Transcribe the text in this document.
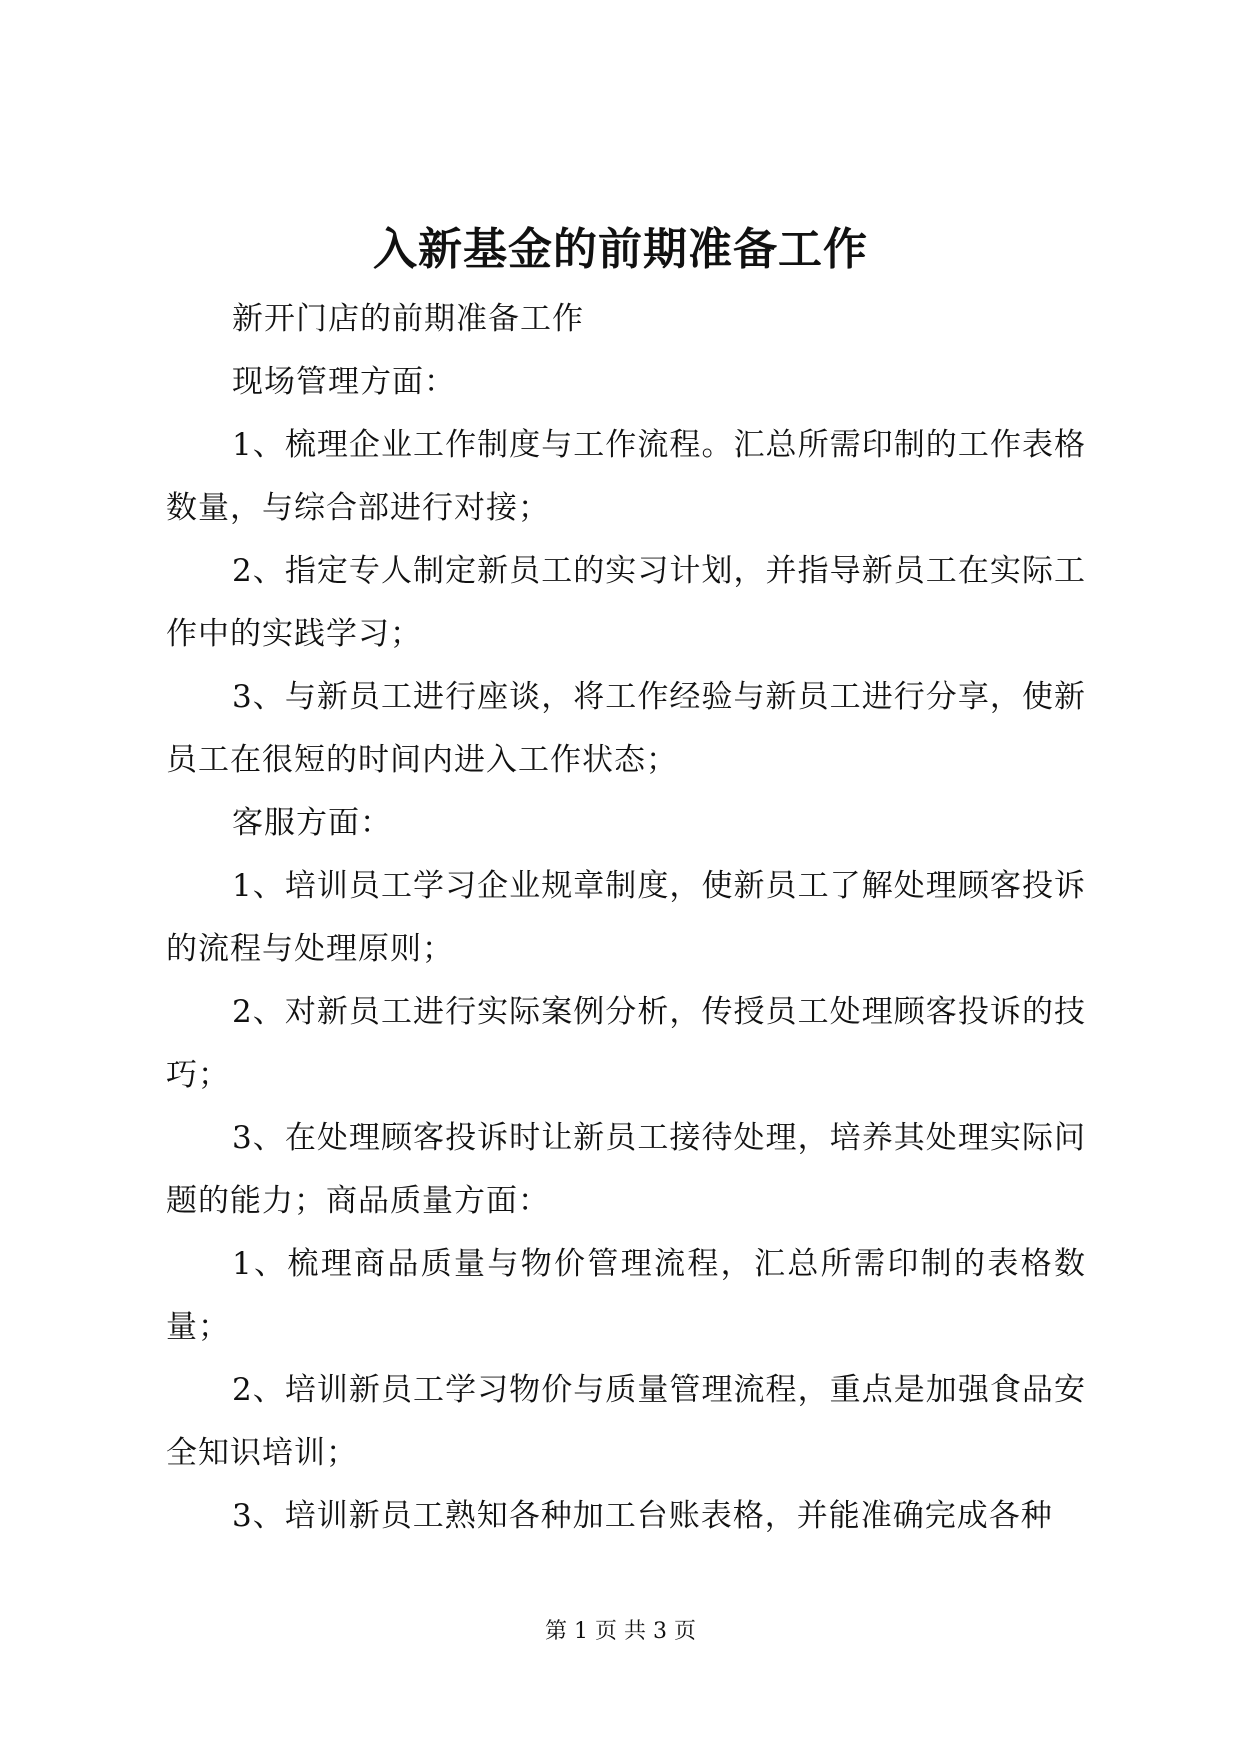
入新基金的前期准备工作

新开门店的前期准备工作

现场管理方面：

1、梳理企业工作制度与工作流程。汇总所需印制的工作表格数量，与综合部进行对接；

2、指定专人制定新员工的实习计划，并指导新员工在实际工作中的实践学习；

3、与新员工进行座谈，将工作经验与新员工进行分享，使新员工在很短的时间内进入工作状态；

客服方面：

1、培训员工学习企业规章制度，使新员工了解处理顾客投诉的流程与处理原则；

2、对新员工进行实际案例分析，传授员工处理顾客投诉的技巧；

3、在处理顾客投诉时让新员工接待处理，培养其处理实际问题的能力；商品质量方面：

1、梳理商品质量与物价管理流程，汇总所需印制的表格数量；

2、培训新员工学习物价与质量管理流程，重点是加强食品安全知识培训；

3、培训新员工熟知各种加工台账表格，并能准确完成各种

第 1 页 共 3 页
